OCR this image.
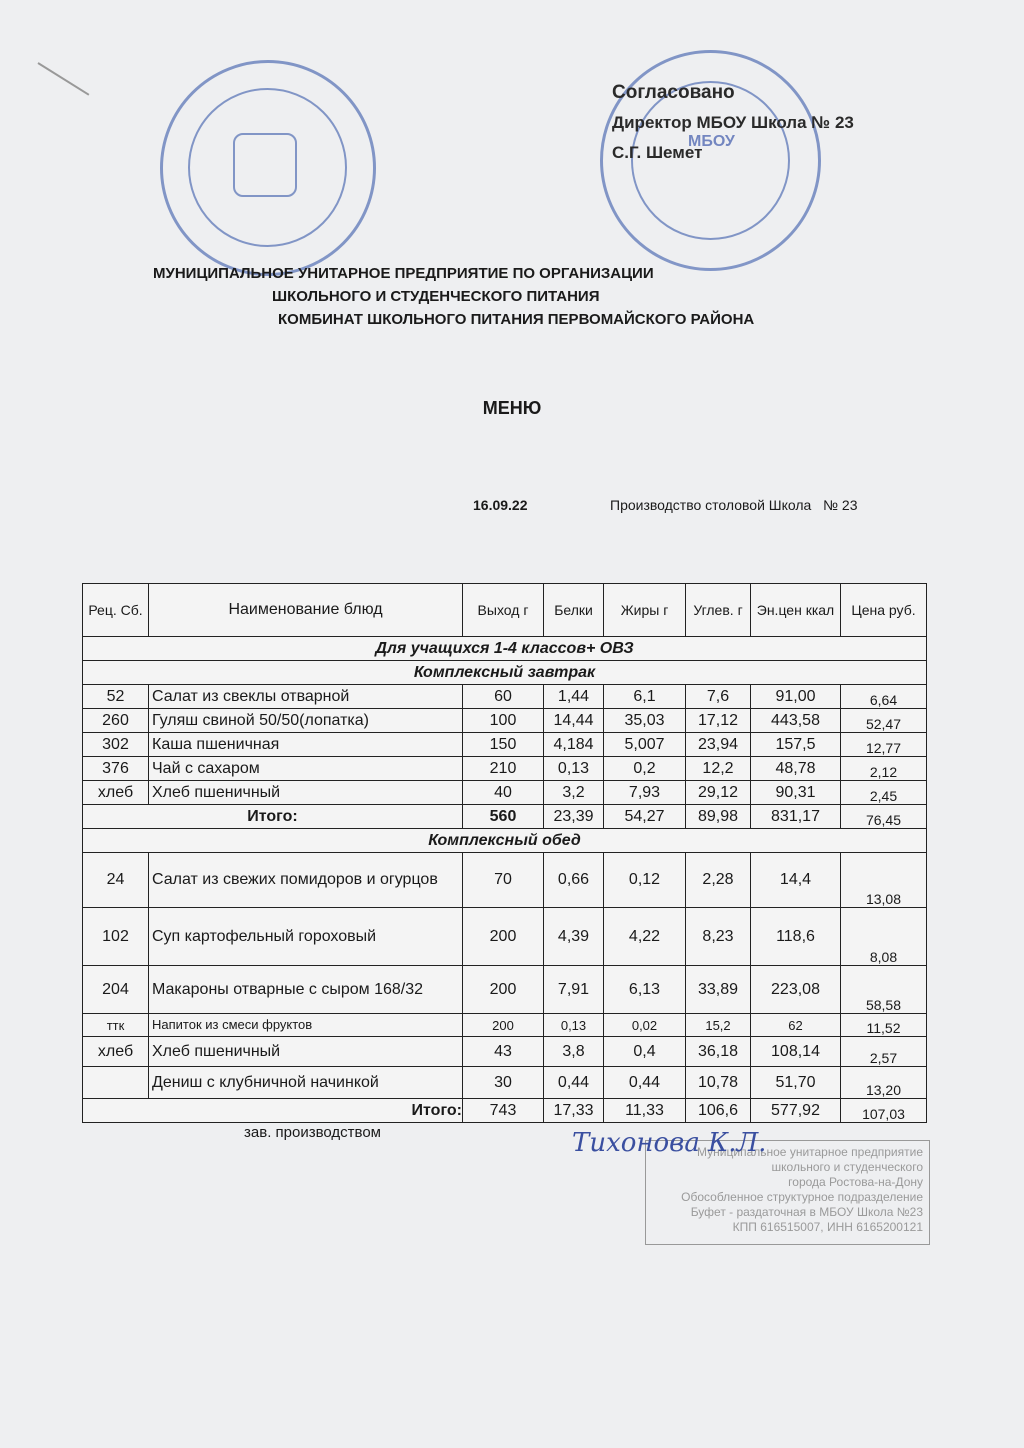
МБОУ
Согласовано
Директор МБОУ Школа № 23
С.Г. Шемет
МУНИЦИПАЛЬНОЕ УНИТАРНОЕ ПРЕДПРИЯТИЕ ПО ОРГАНИЗАЦИИ
ШКОЛЬНОГО И СТУДЕНЧЕСКОГО ПИТАНИЯ
КОМБИНАТ ШКОЛЬНОГО ПИТАНИЯ ПЕРВОМАЙСКОГО РАЙОНА
МЕНЮ
16.09.22	Производство столовой Школа   № 23
Рец. Сб.	Наименование блюд	Выход г	Белки	Жиры г	Углев. г	Эн.цен ккал	Цена руб.
Для учащихся 1-4 классов+ ОВЗ							
Комплексный завтрак							
52	Салат из свеклы отварной	60	1,44	6,1	7,6	91,00	6,64
260	Гуляш свиной 50/50(лопатка)	100	14,44	35,03	17,12	443,58	52,47
302	Каша пшеничная	150	4,184	5,007	23,94	157,5	12,77
376	Чай с сахаром	210	0,13	0,2	12,2	48,78	2,12
хлеб	Хлеб пшеничный	40	3,2	7,93	29,12	90,31	2,45
Итого:		560	23,39	54,27	89,98	831,17	76,45
Комплексный обед							
24	Салат из свежих помидоров и огурцов	70	0,66	0,12	2,28	14,4	13,08
102	Суп картофельный гороховый	200	4,39	4,22	8,23	118,6	8,08
204	Макароны отварные с сыром 168/32	200	7,91	6,13	33,89	223,08	58,58
ттк	Напиток из смеси фруктов	200	0,13	0,02	15,2	62	11,52
хлеб	Хлеб пшеничный	43	3,8	0,4	36,18	108,14	2,57
	Дениш с клубничной начинкой	30	0,44	0,44	10,78	51,70	13,20
Итого:		743	17,33	11,33	106,6	577,92	107,03
зав. производством
Муниципальное унитарное предприятие
школьного и студенческого
города Ростова-на-Дону
Обособленное структурное подразделение
Буфет - раздаточная в МБОУ Школа №23
КПП 616515007, ИНН 6165200121
Тихонова К.Л.
